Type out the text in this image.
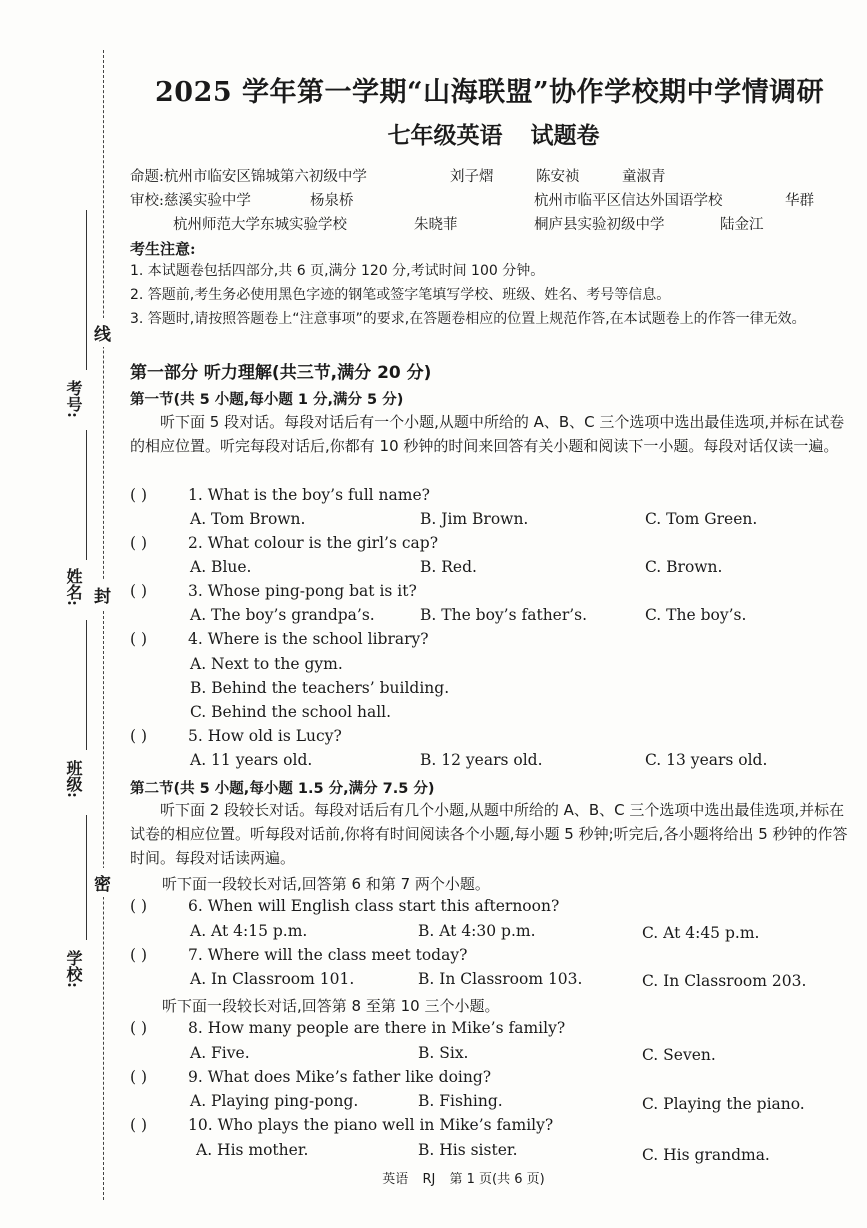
线
封
密
考号:
姓名:
班级:
学校:
2025 学年第一学期“山海联盟”协作学校期中学情调研
七年级英语 试题卷
命题:杭州市临安区锦城第六初级中学	刘子熠	陈安祯	童淑青
审校:慈溪实验中学	杨泉桥	杭州市临平区信达外国语学校	华群
杭州师范大学东城实验学校	朱晓菲	桐庐县实验初级中学	陆金江
考生注意:
1. 本试题卷包括四部分,共 6 页,满分 120 分,考试时间 100 分钟。
2. 答题前,考生务必使用黑色字迹的钢笔或签字笔填写学校、班级、姓名、考号等信息。
3. 答题时,请按照答题卷上“注意事项”的要求,在答题卷相应的位置上规范作答,在本试题卷上的作答一律无效。
第一部分 听力理解(共三节,满分 20 分)
第一节(共 5 小题,每小题 1 分,满分 5 分)
听下面 5 段对话。每段对话后有一个小题,从题中所给的 A、B、C 三个选项中选出最佳选项,并标在试卷的相应位置。听完每段对话后,你都有 10 秒钟的时间来回答有关小题和阅读下一小题。每段对话仅读一遍。
( )	1. What is the boy’s full name?
A. Tom Brown.	B. Jim Brown.	C. Tom Green.
( )	2. What colour is the girl’s cap?
A. Blue.	B. Red.	C. Brown.
( )	3. Whose ping-pong bat is it?
A. The boy’s grandpa’s.	B. The boy’s father’s.	C. The boy’s.
( )	4. Where is the school library?
A. Next to the gym.
B. Behind the teachers’ building.
C. Behind the school hall.
( )	5. How old is Lucy?
A. 11 years old.	B. 12 years old.	C. 13 years old.
第二节(共 5 小题,每小题 1.5 分,满分 7.5 分)
听下面 2 段较长对话。每段对话后有几个小题,从题中所给的 A、B、C 三个选项中选出最佳选项,并标在试卷的相应位置。听每段对话前,你将有时间阅读各个小题,每小题 5 秒钟;听完后,各小题将给出 5 秒钟的作答时间。每段对话读两遍。
听下面一段较长对话,回答第 6 和第 7 两个小题。
( )	6. When will English class start this afternoon?
A. At 4:15 p.m.	B. At 4:30 p.m.	C. At 4:45 p.m.
( )	7. Where will the class meet today?
A. In Classroom 101.	B. In Classroom 103.	C. In Classroom 203.
听下面一段较长对话,回答第 8 至第 10 三个小题。
( )	8. How many people are there in Mike’s family?
A. Five.	B. Six.	C. Seven.
( )	9. What does Mike’s father like doing?
A. Playing ping-pong.	B. Fishing.	C. Playing the piano.
( )	10. Who plays the piano well in Mike’s family?
A. His mother.	B. His sister.	C. His grandma.
英语 RJ 第 1 页(共 6 页)
